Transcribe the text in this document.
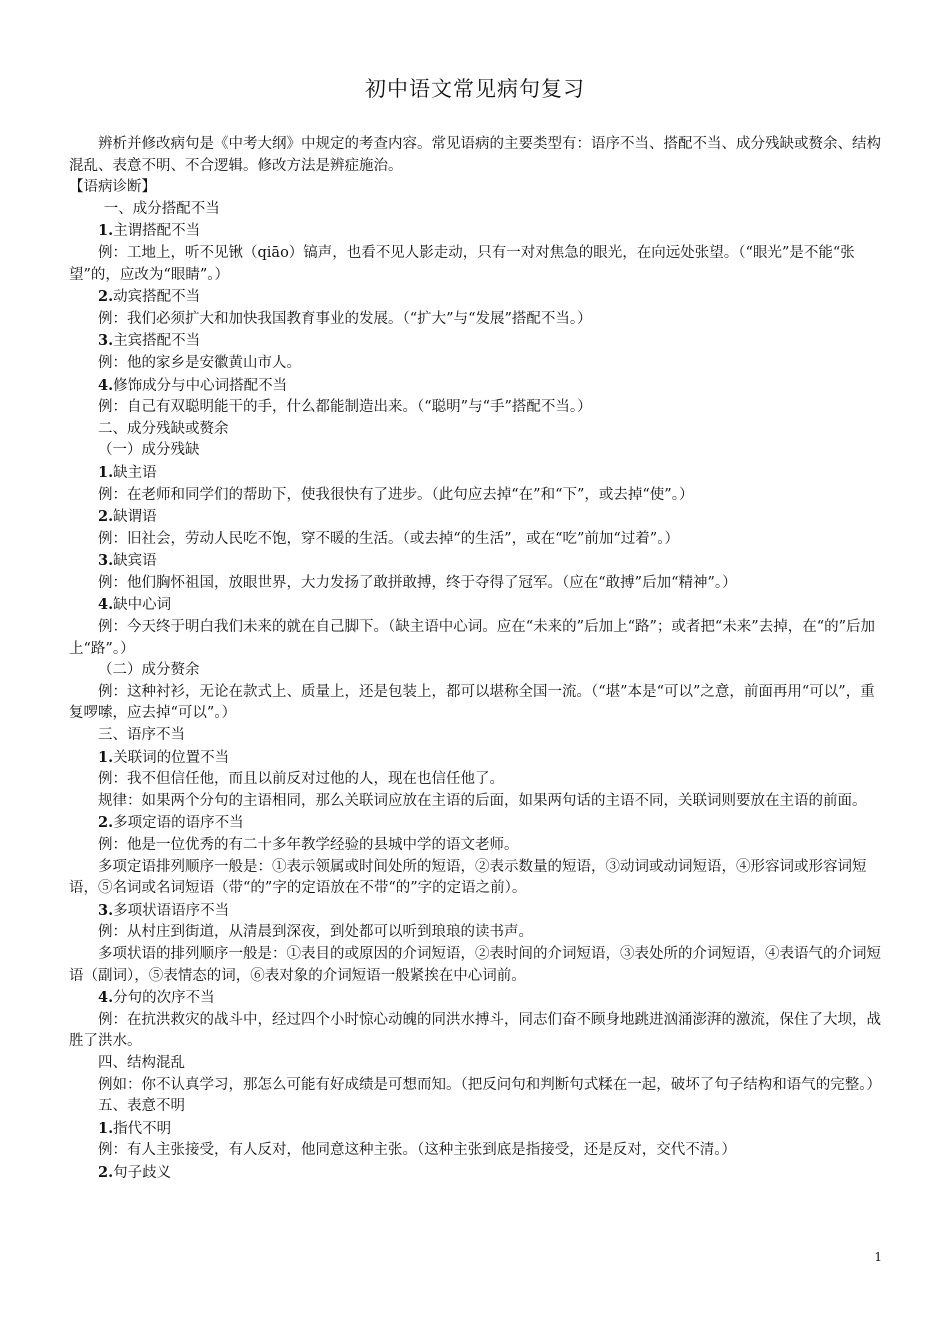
初中语文常见病句复习

辨析并修改病句是《中考大纲》中规定的考查内容。常见语病的主要类型有：语序不当、搭配不当、成分残缺或赘余、结构混乱、表意不明、不合逻辑。修改方法是辨症施治。

【语病诊断】

一、成分搭配不当

1.主谓搭配不当

例：工地上，听不见锹（qiāo）镐声，也看不见人影走动，只有一对对焦急的眼光，在向远处张望。（“眼光”是不能“张望”的，应改为“眼睛”。）

2.动宾搭配不当

例：我们必须扩大和加快我国教育事业的发展。（“扩大”与“发展”搭配不当。）

3.主宾搭配不当

例：他的家乡是安徽黄山市人。

4.修饰成分与中心词搭配不当

例：自己有双聪明能干的手，什么都能制造出来。（“聪明”与“手”搭配不当。）

二、成分残缺或赘余

（一）成分残缺

1.缺主语

例：在老师和同学们的帮助下，使我很快有了进步。（此句应去掉“在”和“下”，或去掉“使”。）

2.缺谓语

例：旧社会，劳动人民吃不饱，穿不暖的生活。（或去掉“的生活”，或在“吃”前加“过着”。）

3.缺宾语

例：他们胸怀祖国，放眼世界，大力发扬了敢拼敢搏，终于夺得了冠军。（应在“敢搏”后加“精神”。）

4.缺中心词

例：今天终于明白我们未来的就在自己脚下。（缺主语中心词。应在“未来的”后加上“路”；或者把“未来”去掉，在“的”后加上“路”。）

（二）成分赘余

例：这种衬衫，无论在款式上、质量上，还是包装上，都可以堪称全国一流。（“堪”本是“可以”之意，前面再用“可以”，重复啰嗦，应去掉“可以”。）

三、语序不当

1.关联词的位置不当

例：我不但信任他，而且以前反对过他的人，现在也信任他了。

规律：如果两个分句的主语相同，那么关联词应放在主语的后面，如果两句话的主语不同，关联词则要放在主语的前面。

2.多项定语的语序不当

例：他是一位优秀的有二十多年教学经验的县城中学的语文老师。

多项定语排列顺序一般是：①表示领属或时间处所的短语，②表示数量的短语，③动词或动词短语，④形容词或形容词短语，⑤名词或名词短语（带“的”字的定语放在不带“的”字的定语之前）。

3.多项状语语序不当

例：从村庄到街道，从清晨到深夜，到处都可以听到琅琅的读书声。

多项状语的排列顺序一般是：①表目的或原因的介词短语，②表时间的介词短语，③表处所的介词短语，④表语气的介词短语（副词），⑤表情态的词，⑥表对象的介词短语一般紧挨在中心词前。

4.分句的次序不当

例：在抗洪救灾的战斗中，经过四个小时惊心动魄的同洪水搏斗，同志们奋不顾身地跳进汹涌澎湃的激流，保住了大坝，战胜了洪水。

四、结构混乱

例如：你不认真学习，那怎么可能有好成绩是可想而知。（把反问句和判断句式糅在一起，破坏了句子结构和语气的完整。）

五、表意不明

1.指代不明

例：有人主张接受，有人反对，他同意这种主张。（这种主张到底是指接受，还是反对，交代不清。）

2.句子歧义

1
